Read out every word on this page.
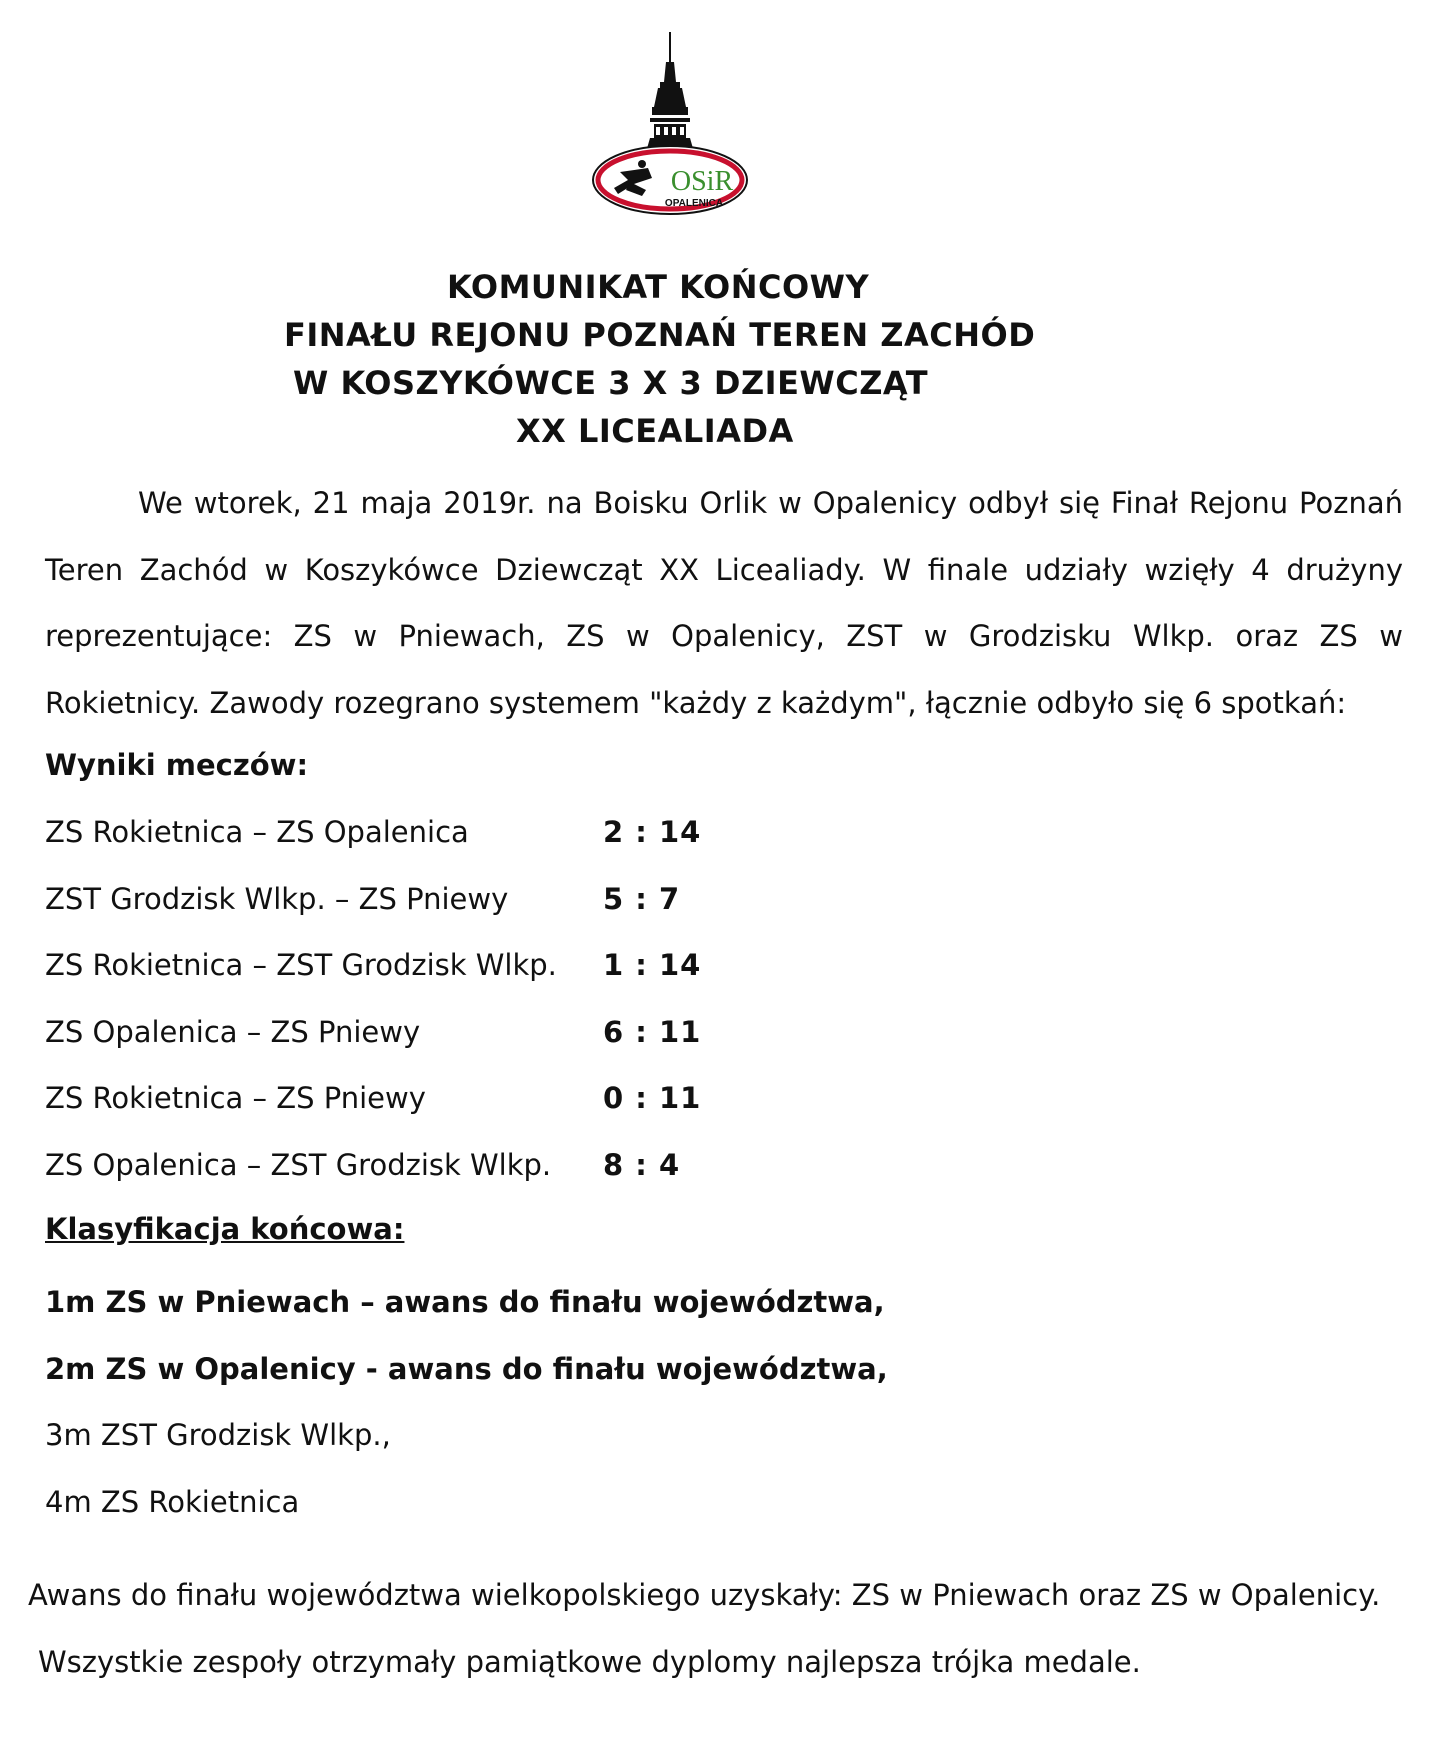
OSiR
OPALENICA
KOMUNIKAT KOŃCOWY
FINAŁU REJONU POZNAŃ TEREN ZACHÓD
W KOSZYKÓWCE 3 X 3 DZIEWCZĄT
XX LICEALIADA
We wtorek, 21 maja 2019r. na Boisku Orlik w Opalenicy odbył się Finał Rejonu Poznań Teren Zachód w Koszykówce Dziewcząt XX Licealiady. W finale udziały wzięły 4 drużyny reprezentujące: ZS w Pniewach, ZS w Opalenicy, ZST w Grodzisku Wlkp. oraz ZS w Rokietnicy. Zawody rozegrano systemem "każdy z każdym", łącznie odbyło się 6 spotkań:
Wyniki meczów:
ZS Rokietnica – ZS Opalenica	2 : 14
ZST Grodzisk Wlkp. – ZS Pniewy	5 : 7
ZS Rokietnica – ZST Grodzisk Wlkp. 1 : 14
ZS Opalenica – ZS Pniewy	6 : 11
ZS Rokietnica – ZS Pniewy	0 : 11
ZS Opalenica – ZST Grodzisk Wlkp. 8 : 4
Klasyfikacja końcowa:
1m ZS w Pniewach – awans do finału województwa,
2m ZS w Opalenicy - awans do finału województwa,
3m ZST Grodzisk Wlkp.,
4m ZS Rokietnica
Awans do finału województwa wielkopolskiego uzyskały: ZS w Pniewach oraz ZS w Opalenicy.
Wszystkie zespoły otrzymały pamiątkowe dyplomy najlepsza trójka medale.
